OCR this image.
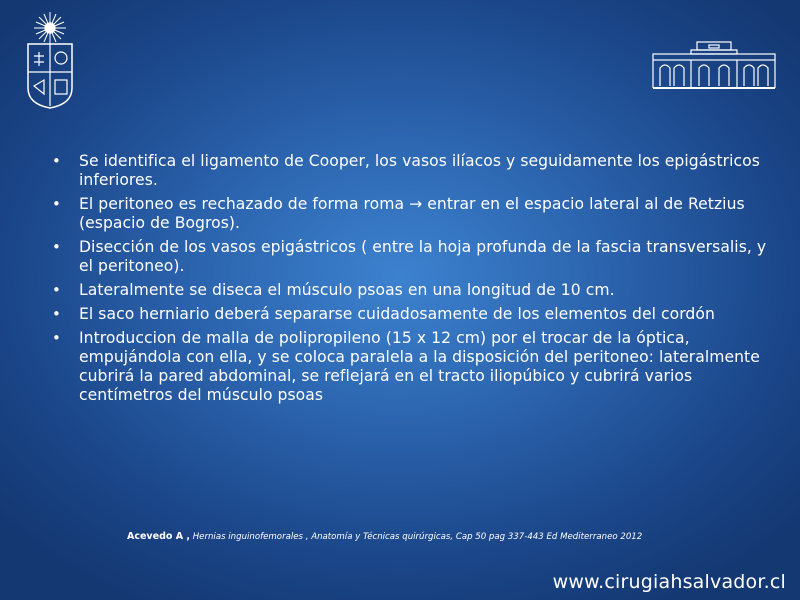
• Se identifica el ligamento de Cooper, los vasos ilíacos y seguidamente los epigástricos inferiores.
• El peritoneo es rechazado de forma roma → entrar en el espacio lateral al de Retzius (espacio de Bogros).
• Disección de los vasos epigástricos ( entre la hoja profunda de la fascia transversalis, y el peritoneo).
• Lateralmente se diseca el músculo psoas en una longitud de 10 cm.
• El saco herniario deberá separarse cuidadosamente de los elementos del cordón
• Introduccion de malla de polipropileno (15 x 12 cm) por el trocar de la óptica, empujándola con ella, y se coloca paralela a la disposición del peritoneo: lateralmente cubrirá la pared abdominal, se reflejará en el tracto iliopúbico y cubrirá varios centímetros del músculo psoas
Acevedo A , Hernias inguinofemorales , Anatomía y Técnicas quirúrgicas, Cap 50 pag 337-443 Ed Mediterraneo 2012
www.cirugiahsalvador.cl
